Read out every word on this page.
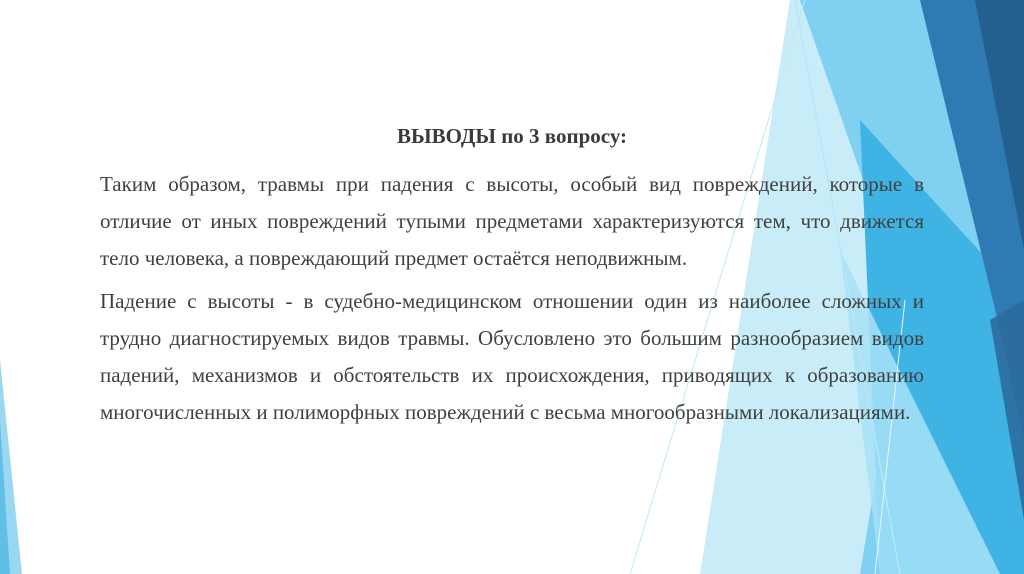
ВЫВОДЫ по 3 вопросу:

Таким образом, травмы при падения с высоты, особый вид повреждений, которые в отличие от иных повреждений тупыми предметами характеризуются тем, что движется тело человека, а повреждающий предмет остаётся неподвижным.

Падение с высоты - в судебно-медицинском отношении один из наиболее сложных и трудно диагностируемых видов травмы. Обусловлено это большим разнообразием видов падений, механизмов и обстоятельств их происхождения, приводящих к образованию многочисленных и полиморфных повреждений с весьма многообразными локализациями.
